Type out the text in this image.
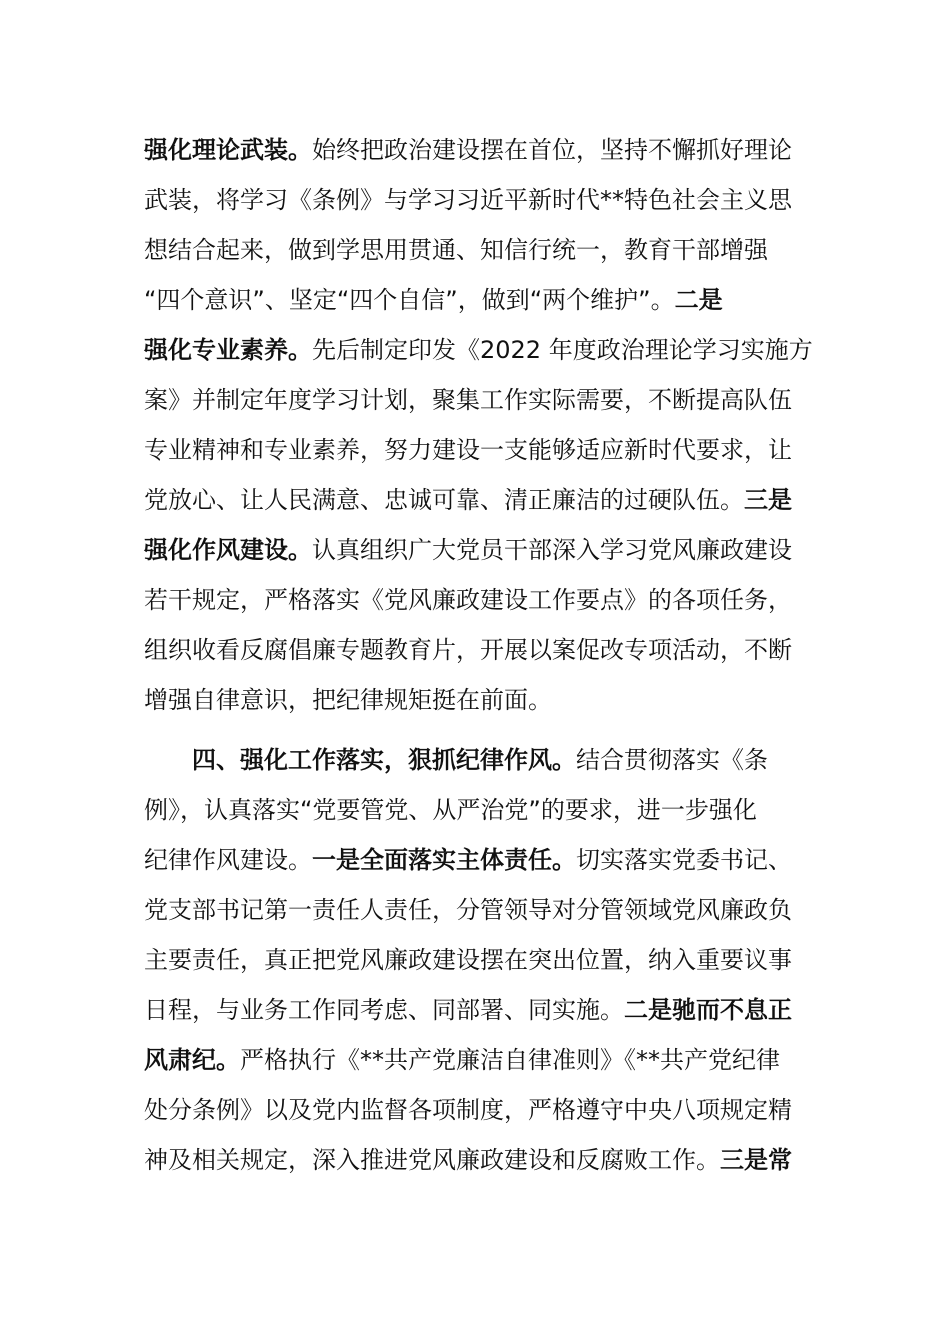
强化理论武装。始终把政治建设摆在首位，坚持不懈抓好理论
武装，将学习《条例》与学习习近平新时代**特色社会主义思
想结合起来，做到学思用贯通、知信行统一，教育干部增强
“四个意识”、坚定“四个自信”，做到“两个维护”。二是
强化专业素养。先后制定印发《2022 年度政治理论学习实施方
案》并制定年度学习计划，聚集工作实际需要，不断提高队伍
专业精神和专业素养，努力建设一支能够适应新时代要求，让
党放心、让人民满意、忠诚可靠、清正廉洁的过硬队伍。三是
强化作风建设。认真组织广大党员干部深入学习党风廉政建设
若干规定，严格落实《党风廉政建设工作要点》的各项任务，
组织收看反腐倡廉专题教育片，开展以案促改专项活动，不断
增强自律意识，把纪律规矩挺在前面。
四、强化工作落实，狠抓纪律作风。结合贯彻落实《条
例》，认真落实“党要管党、从严治党”的要求，进一步强化
纪律作风建设。一是全面落实主体责任。切实落实党委书记、
党支部书记第一责任人责任，分管领导对分管领域党风廉政负
主要责任，真正把党风廉政建设摆在突出位置，纳入重要议事
日程，与业务工作同考虑、同部署、同实施。二是驰而不息正
风肃纪。严格执行《**共产党廉洁自律准则》《**共产党纪律
处分条例》以及党内监督各项制度，严格遵守中央八项规定精
神及相关规定，深入推进党风廉政建设和反腐败工作。三是常
